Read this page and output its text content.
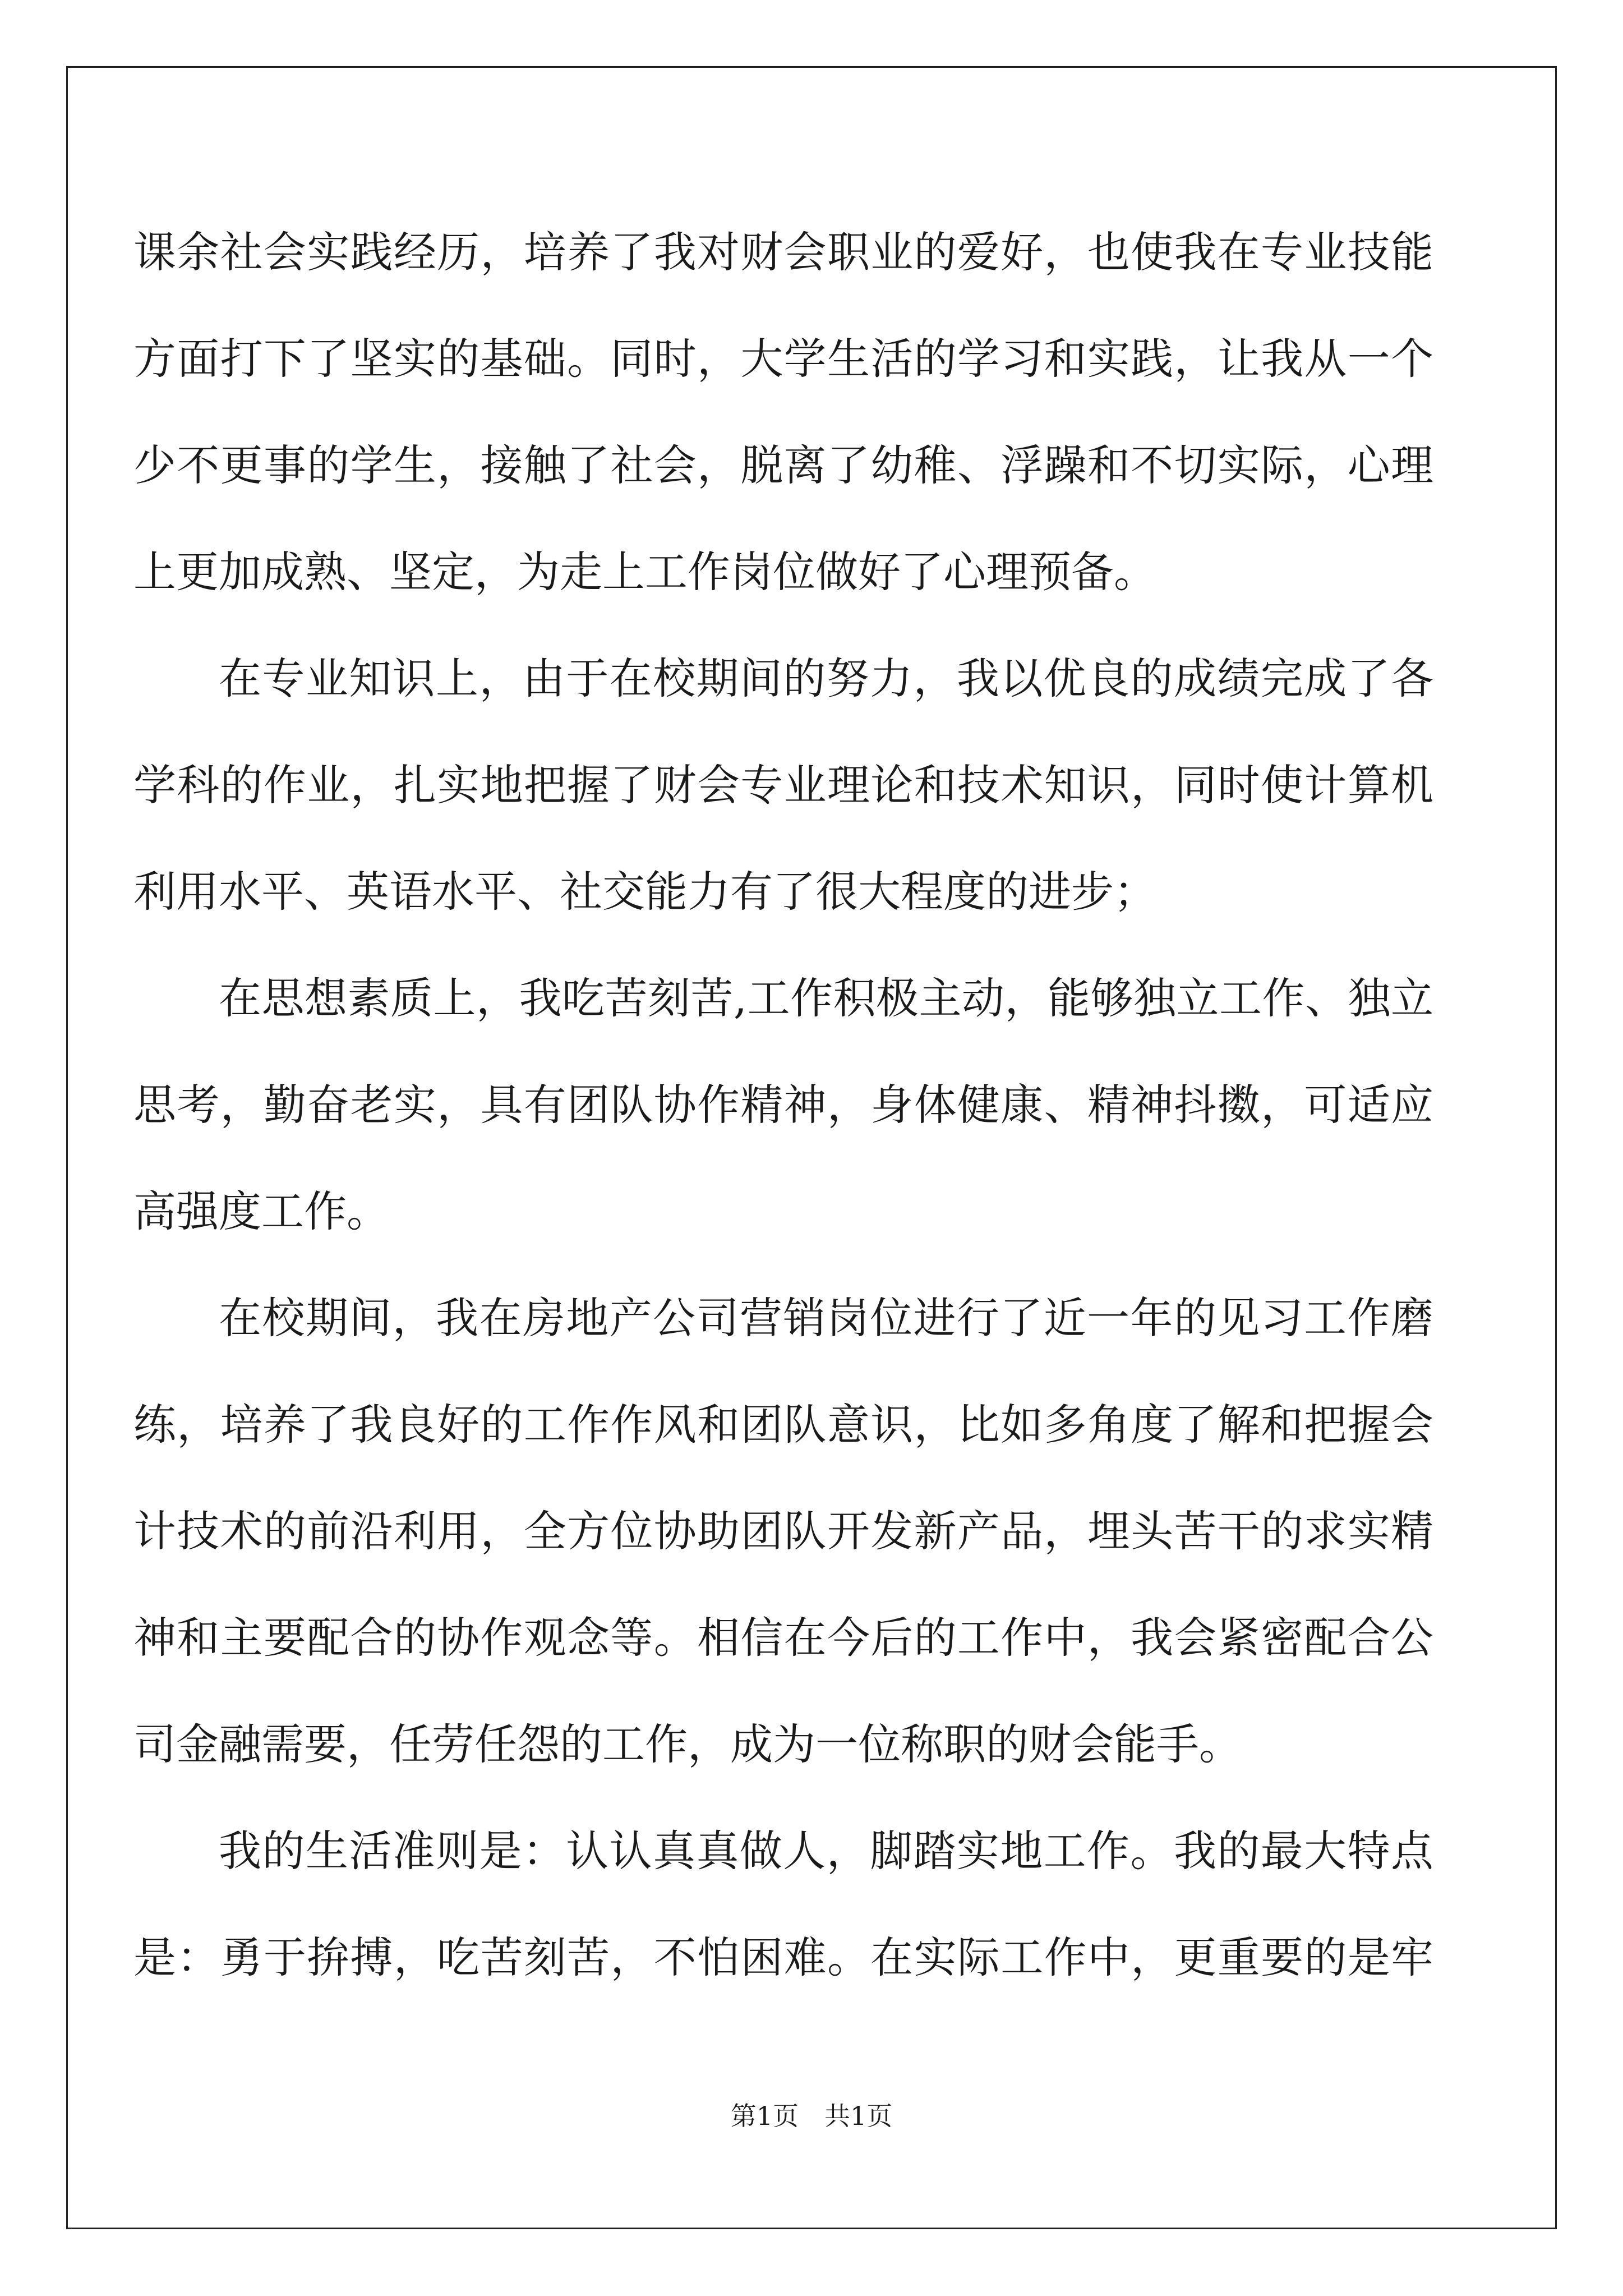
课余社会实践经历，培养了我对财会职业的爱好，也使我在专业技能
方面打下了坚实的基础。同时，大学生活的学习和实践，让我从一个
少不更事的学生，接触了社会，脱离了幼稚、浮躁和不切实际，心理
上更加成熟、坚定，为走上工作岗位做好了心理预备。
在专业知识上，由于在校期间的努力，我以优良的成绩完成了各
学科的作业，扎实地把握了财会专业理论和技术知识，同时使计算机
利用水平、英语水平、社交能力有了很大程度的进步；
在思想素质上，我吃苦刻苦,工作积极主动，能够独立工作、独立
思考，勤奋老实，具有团队协作精神，身体健康、精神抖擞，可适应
高强度工作。
在校期间，我在房地产公司营销岗位进行了近一年的见习工作磨
练，培养了我良好的工作作风和团队意识，比如多角度了解和把握会
计技术的前沿利用，全方位协助团队开发新产品，埋头苦干的求实精
神和主要配合的协作观念等。相信在今后的工作中，我会紧密配合公
司金融需要，任劳任怨的工作，成为一位称职的财会能手。
我的生活准则是：认认真真做人，脚踏实地工作。我的最大特点
是：勇于拚搏，吃苦刻苦，不怕困难。在实际工作中，更重要的是牢
第1页　共1页
